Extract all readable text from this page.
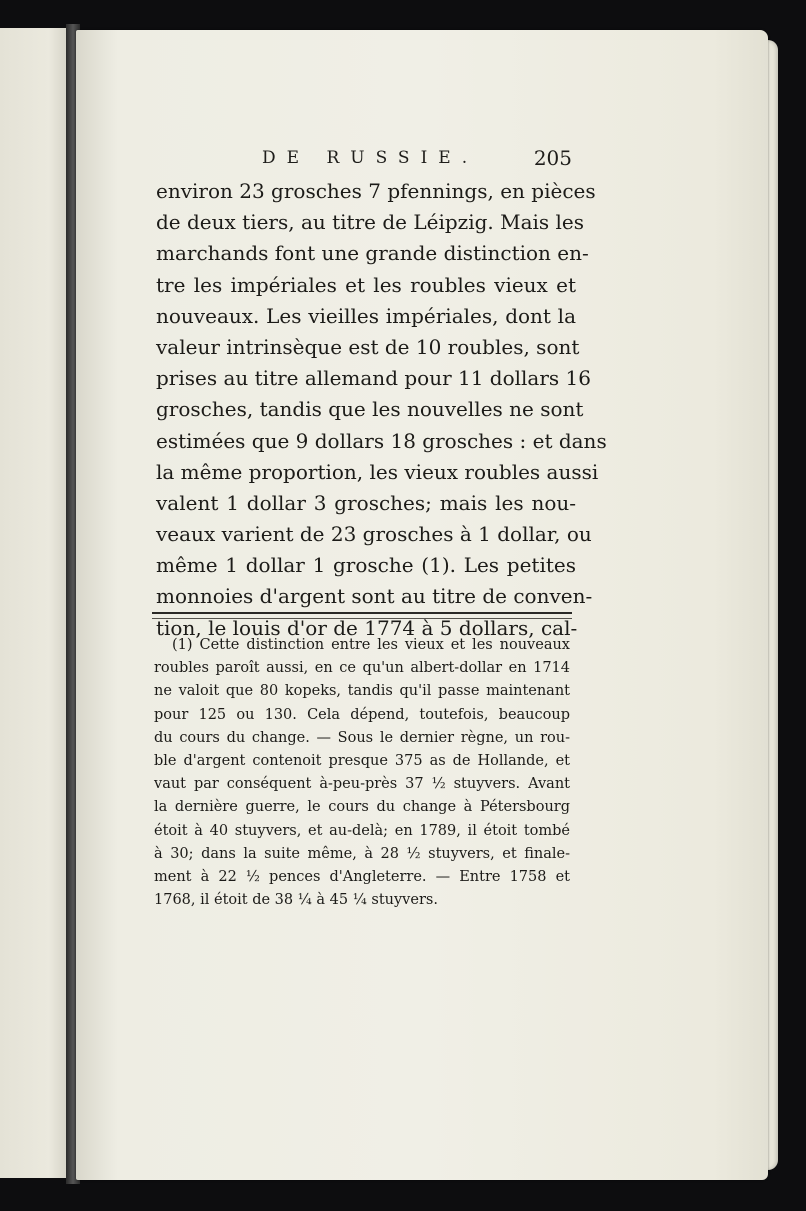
DE RUSSIE.	205
environ 23 grosches 7 pfennings, en pièces
de deux tiers, au titre de Léipzig. Mais les
marchands font une grande distinction en-
tre les impériales et les roubles vieux et
nouveaux. Les vieilles impériales, dont la
valeur intrinsèque est de 10 roubles, sont
prises au titre allemand pour 11 dollars 16
grosches, tandis que les nouvelles ne sont
estimées que 9 dollars 18 grosches : et dans
la même proportion, les vieux roubles aussi
valent 1 dollar 3 grosches; mais les nou-
veaux varient de 23 grosches à 1 dollar, ou
même 1 dollar 1 grosche (1). Les petites
monnoies d'argent sont au titre de conven-
tion, le louis d'or de 1774 à 5 dollars, cal-
(1) Cette distinction entre les vieux et les nouveaux
roubles paroît aussi, en ce qu'un albert-dollar en 1714
ne valoit que 80 kopeks, tandis qu'il passe maintenant
pour 125 ou 130. Cela dépend, toutefois, beaucoup
du cours du change. — Sous le dernier règne, un rou-
ble d'argent contenoit presque 375 as de Hollande, et
vaut par conséquent à-peu-près 37 ½ stuyvers. Avant
la dernière guerre, le cours du change à Pétersbourg
étoit à 40 stuyvers, et au-delà; en 1789, il étoit tombé
à 30; dans la suite même, à 28 ½ stuyvers, et finale-
ment à 22 ½ pences d'Angleterre. — Entre 1758 et
1768, il étoit de 38 ¼ à 45 ¼ stuyvers.
